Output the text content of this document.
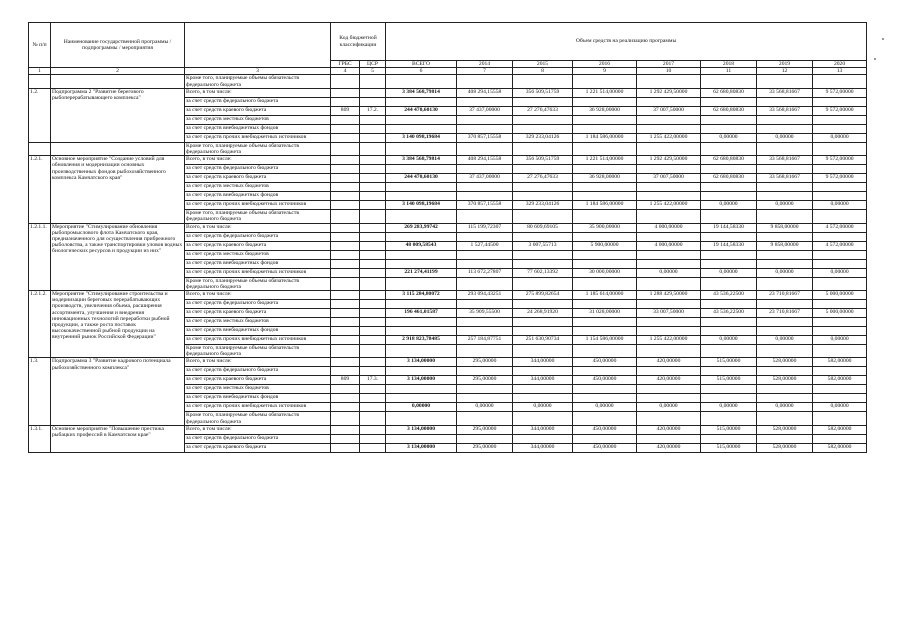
№ п/п	Наименование государственной программы / подпрограммы / мероприятия		Код бюджетной классификации		Объем средств на реализацию программы							
			ГРБС	ЦСР	ВСЕГО	2014	2015	2016	2017	2018	2019	2020
1	2	3	4	5	6	7	8	9	10	11	12	13
		Кроме того, планируемые объемы обязательств федерального бюджета										
1.2.	Подпрограмма 2 "Развитие берегового рыбоперерабатывающего комплекса"	Всего, в том числе:			3 384 568,79814	408 294,15558	356 509,51759	1 221 514,00000	1 292 429,50000	62 680,80830	33 568,81667	9 572,00000
		за счет средств федерального бюджета										
		за счет средств краевого бюджета	809	17.2.	244 470,60130	37 437,00000	27 276,47633	36 928,00000	37 007,50000	62 680,80830	33 568,81667	9 572,00000
		за счет средств местных бюджетов										
		за счет средств внебюджетных фондов										
		за счет средств прочих внебюджетных источников			3 140 098,19684	370 857,15558	329 233,04126	1 184 586,00000	1 255 422,00000	0,00000	0,00000	0,00000
		Кроме того, планируемые объемы обязательств федерального бюджета										
1.2.1.	Основное мероприятие "Создание условий для обновления и модернизации основных производственных фондов рыбохозяйственного комплекса Камчатского края"	Всего, в том числе:			3 384 568,79814	408 294,15558	356 509,51759	1 221 514,00000	1 292 429,50000	62 680,80830	33 568,81667	9 572,00000
		за счет средств федерального бюджета										
		за счет средств краевого бюджета			244 470,60130	37 437,00000	27 276,47633	36 928,00000	37 007,50000	62 680,80830	33 568,81667	9 572,00000
		за счет средств местных бюджетов										
		за счет средств внебюджетных фондов										
		за счет средств прочих внебюджетных источников			3 140 098,19684	370 857,15558	329 233,04126	1 184 586,00000	1 255 422,00000	0,00000	0,00000	0,00000
		Кроме того, планируемые объемы обязательств федерального бюджета										
1.2.1.1.	Мероприятие "Стимулирование обновления рыбопромыслового флота Камчатского края, предназначенного для осуществления прибрежного рыболовства, а также транспортировки уловов водных биологических ресурсов и продукции из них"	Всего, в том числе:			269 283,99742	115 199,72307	80 609,69105	35 900,00000	4 000,00000	19 144,58330	9 858,00000	4 572,00000
		за счет средств федерального бюджета										
		за счет средств краевого бюджета			48 009,58543	1 527,44500	3 007,55713	5 900,00000	4 000,00000	19 144,58330	9 858,00000	4 572,00000
		за счет средств местных бюджетов										
		за счет средств внебюджетных фондов										
		за счет средств прочих внебюджетных источников			221 274,41199	113 672,27807	77 602,13392	30 000,00000	0,00000	0,00000	0,00000	0,00000
		Кроме того, планируемые объемы обязательств федерального бюджета										
1.2.1.2.	Мероприятие "Стимулирование строительства и модернизации береговых перерабатывающих производств, увеличения объема, расширения ассортимента, улучшения и внедрения инновационных технологий переработки рыбной продукции, а также роста поставок высококачественной рыбной продукции на внутренний рынок Российской Федерации"	Всего, в том числе:			3 115 284,80072	293 094,43251	275 899,82654	1 185 614,00000	1 288 429,50000	43 536,22500	23 710,81667	5 000,00000
		за счет средств федерального бюджета										
		за счет средств краевого бюджета			196 461,01587	35 909,55500	24 268,91920	31 028,00000	33 007,50000	43 536,22500	23 710,81667	5 000,00000
		за счет средств местных бюджетов										
		за счет средств внебюджетных фондов										
		за счет средств прочих внебюджетных источников			2 918 823,78485	257 184,87751	251 630,90734	1 154 586,00000	1 255 422,00000	0,00000	0,00000	0,00000
		Кроме того, планируемые объемы обязательств федерального бюджета										
1.3.	Подпрограмма 3 "Развитие кадрового потенциала рыбохозяйственного комплекса"	Всего, в том числе:			3 134,00000	295,00000	344,00000	450,00000	420,00000	515,00000	528,00000	582,00000
		за счет средств федерального бюджета										
		за счет средств краевого бюджета	809	17.3.	3 134,00000	295,00000	344,00000	450,00000	420,00000	515,00000	528,00000	582,00000
		за счет средств местных бюджетов										
		за счет средств внебюджетных фондов										
		за счет средств прочих внебюджетных источников			0,00000	0,00000	0,00000	0,00000	0,00000	0,00000	0,00000	0,00000
		Кроме того, планируемые объемы обязательств федерального бюджета										
1.3.1.	Основное мероприятие "Повышение престижа рыбацких профессий в Камчатском крае"	Всего, в том числе:			3 134,00000	295,00000	344,00000	450,00000	420,00000	515,00000	528,00000	582,00000
		за счет средств федерального бюджета										
		за счет средств краевого бюджета			3 134,00000	295,00000	344,00000	450,00000	420,00000	515,00000	528,00000	582,00000
